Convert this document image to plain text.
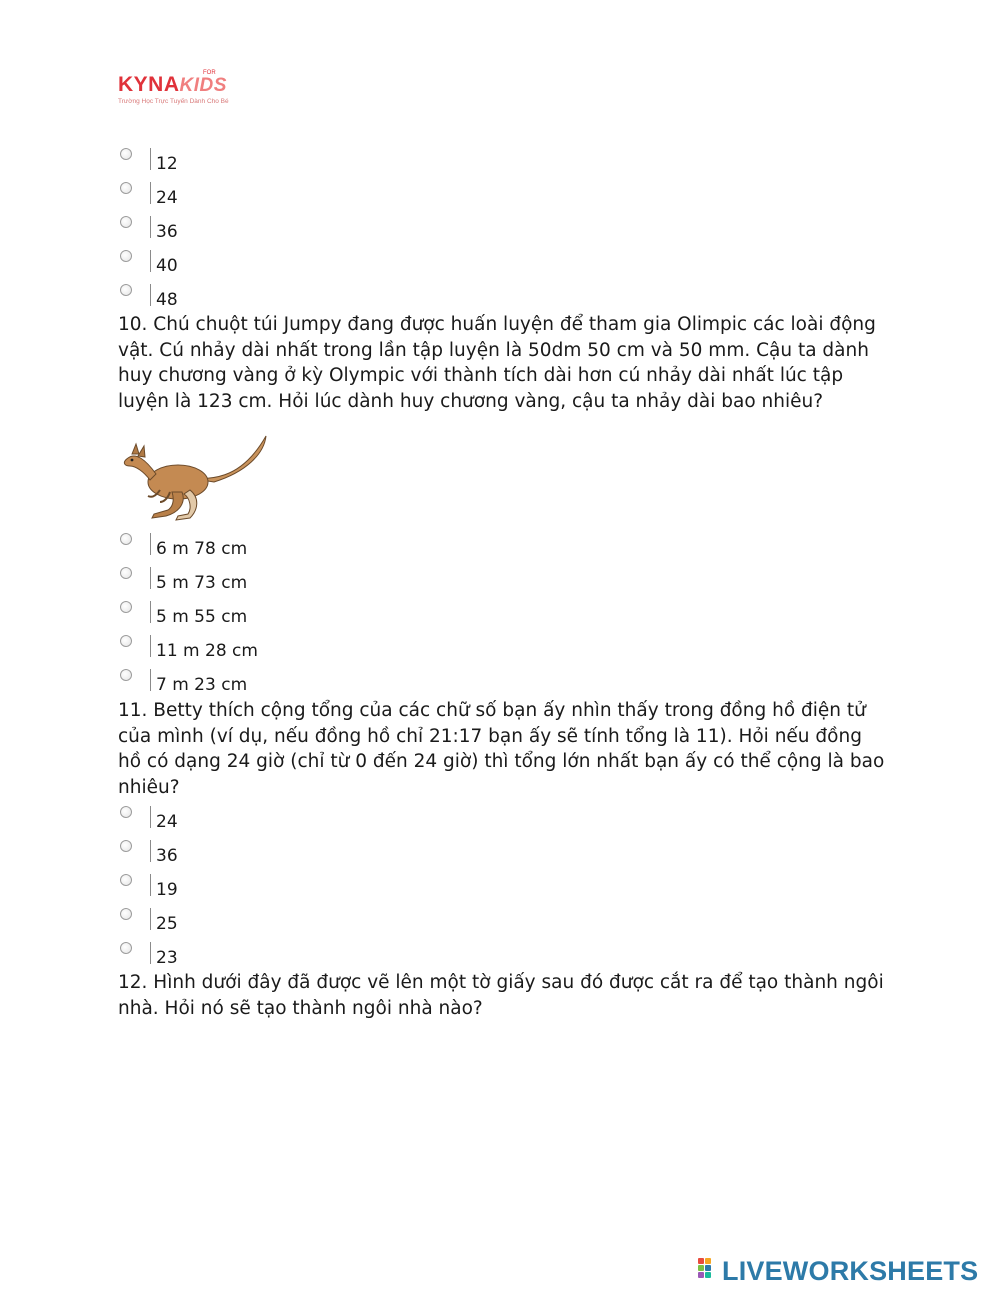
KYNAKIDS
FOR
Trường Học Trực Tuyến Dành Cho Bé
12
24
36
40
48

10. Chú chuột túi Jumpy đang được huấn luyện để tham gia Olimpic các loài động vật. Cú nhảy dài nhất trong lần tập luyện là 50dm 50 cm và 50 mm. Cậu ta dành huy chương vàng ở kỳ Olympic với thành tích dài hơn cú nhảy dài nhất lúc tập luyện là 123 cm. Hỏi lúc dành huy chương vàng, cậu ta nhảy dài bao nhiêu?

6 m 78 cm
5 m 73 cm
5 m 55 cm
11 m 28 cm
7 m 23 cm

11. Betty thích cộng tổng của các chữ số bạn ấy nhìn thấy trong đồng hồ điện tử của mình (ví dụ, nếu đồng hồ chỉ 21:17 bạn ấy sẽ tính tổng là 11). Hỏi nếu đồng hồ có dạng 24 giờ (chỉ từ 0 đến 24 giờ) thì tổng lớn nhất bạn ấy có thể cộng là bao nhiêu?

24
36
19
25
23

12. Hình dưới đây đã được vẽ lên một tờ giấy sau đó được cắt ra để tạo thành ngôi nhà. Hỏi nó sẽ tạo thành ngôi nhà nào?

LIVEWORKSHEETS
